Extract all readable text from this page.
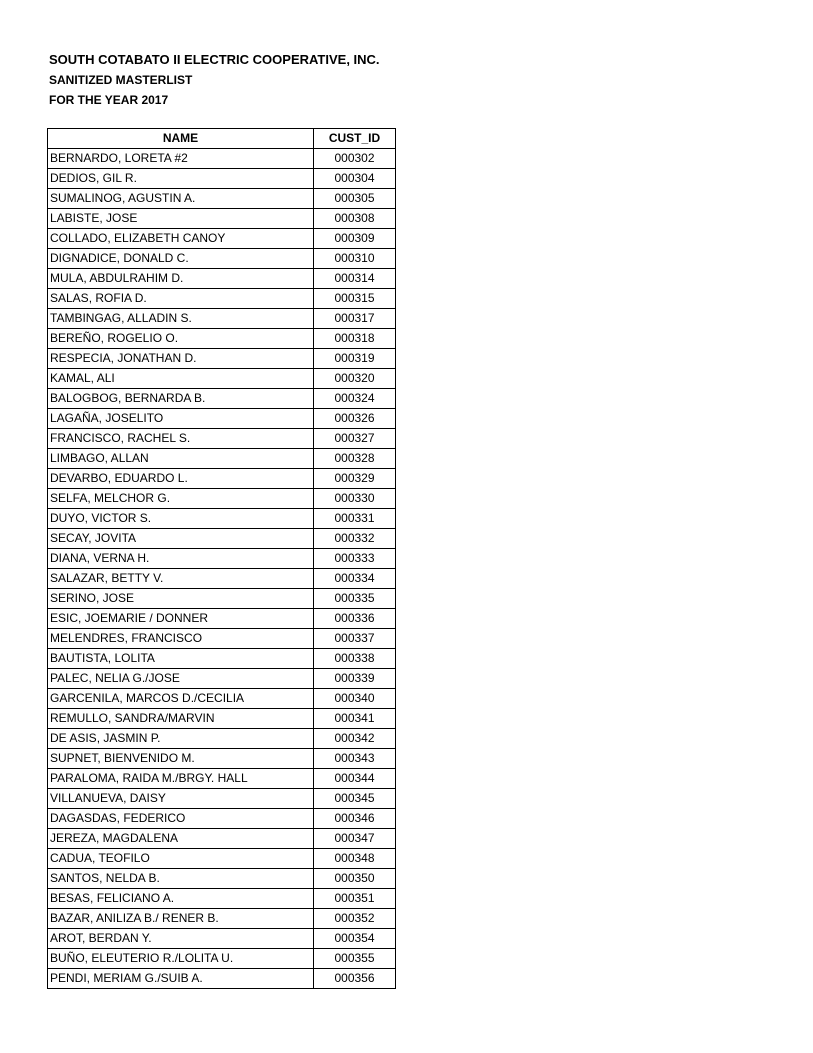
SOUTH COTABATO II ELECTRIC COOPERATIVE, INC.
SANITIZED MASTERLIST
FOR THE YEAR 2017
NAME	CUST_ID
BERNARDO, LORETA #2	000302
DEDIOS, GIL R.	000304
SUMALINOG, AGUSTIN A.	000305
LABISTE, JOSE	000308
COLLADO, ELIZABETH CANOY	000309
DIGNADICE, DONALD C.	000310
MULA, ABDULRAHIM D.	000314
SALAS, ROFIA D.	000315
TAMBINGAG, ALLADIN S.	000317
BEREÑO, ROGELIO O.	000318
RESPECIA, JONATHAN D.	000319
KAMAL, ALI	000320
BALOGBOG, BERNARDA B.	000324
LAGAÑA, JOSELITO	000326
FRANCISCO, RACHEL S.	000327
LIMBAGO, ALLAN	000328
DEVARBO, EDUARDO L.	000329
SELFA, MELCHOR G.	000330
DUYO, VICTOR S.	000331
SECAY, JOVITA	000332
DIANA, VERNA H.	000333
SALAZAR, BETTY V.	000334
SERINO, JOSE	000335
ESIC, JOEMARIE / DONNER	000336
MELENDRES, FRANCISCO	000337
BAUTISTA, LOLITA	000338
PALEC, NELIA G./JOSE	000339
GARCENILA, MARCOS D./CECILIA	000340
REMULLO, SANDRA/MARVIN	000341
DE ASIS, JASMIN P.	000342
SUPNET, BIENVENIDO M.	000343
PARALOMA, RAIDA M./BRGY. HALL	000344
VILLANUEVA, DAISY	000345
DAGASDAS, FEDERICO	000346
JEREZA, MAGDALENA	000347
CADUA, TEOFILO	000348
SANTOS, NELDA B.	000350
BESAS, FELICIANO A.	000351
BAZAR, ANILIZA B./ RENER B.	000352
AROT, BERDAN Y.	000354
BUÑO, ELEUTERIO R./LOLITA U.	000355
PENDI, MERIAM G./SUIB A.	000356
